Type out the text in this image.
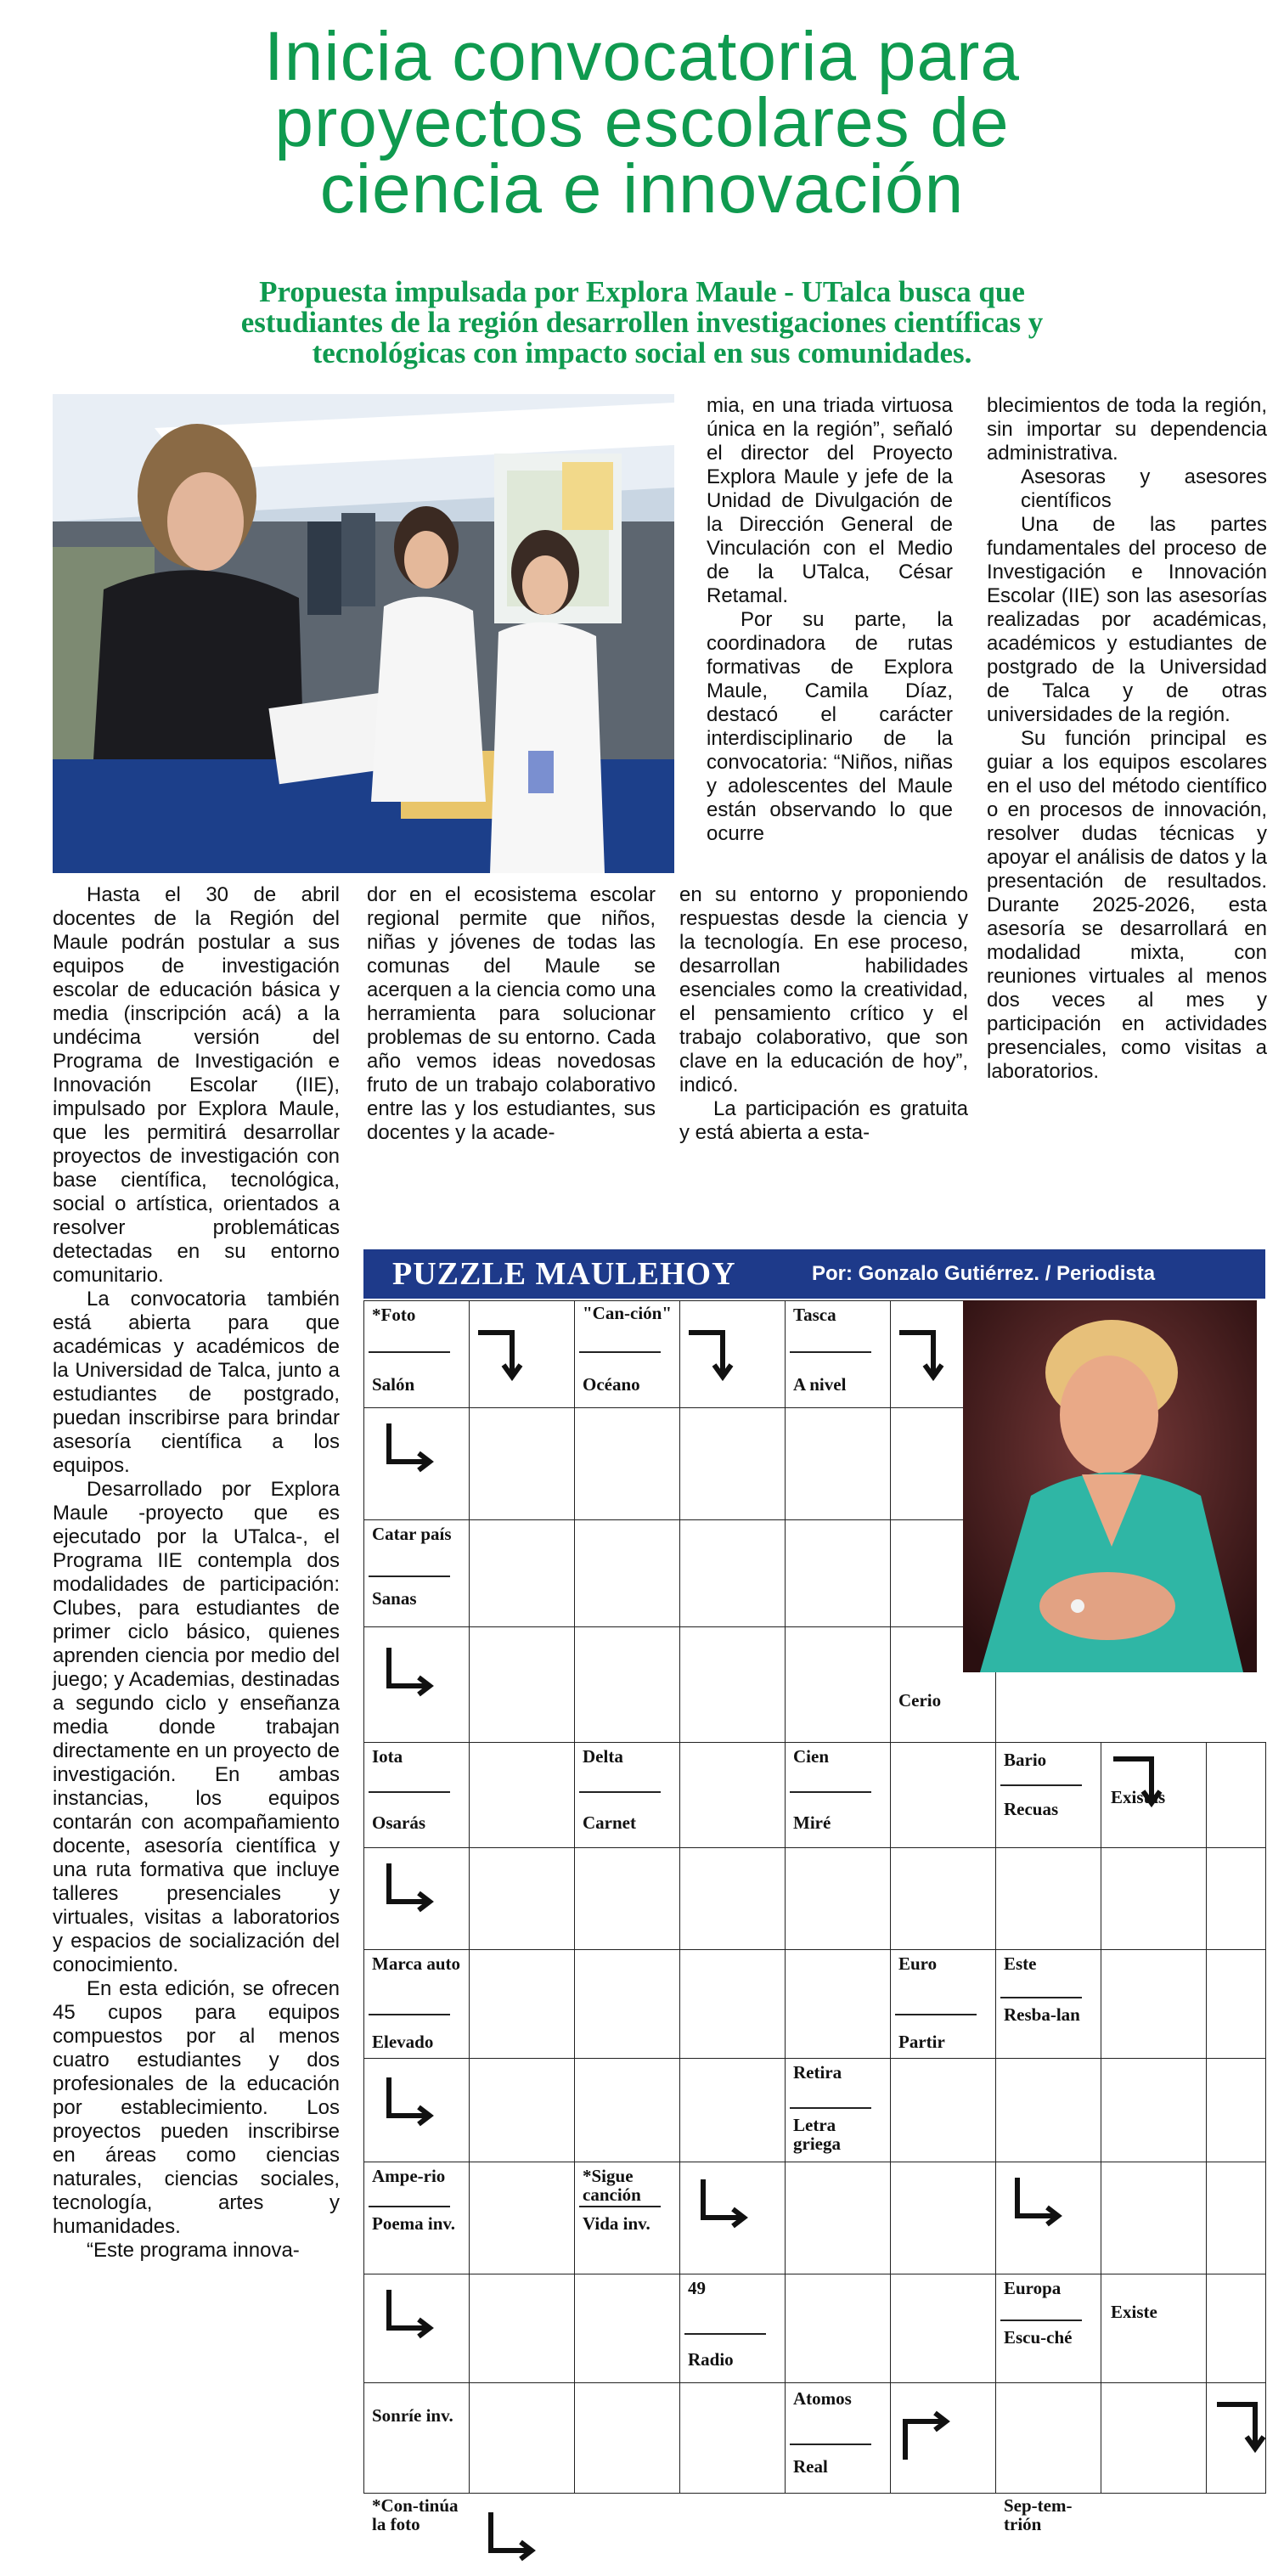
Inicia convocatoria para
proyectos escolares de
ciencia e innovación
Propuesta impulsada por Explora Maule - UTalca busca que
estudiantes de la región desarrollen investigaciones científicas y
tecnológicas con impacto social en sus comunidades.

Hasta el 30 de abril docentes de la Región del Maule podrán postular a sus equipos de investigación escolar de educación básica y media (inscripción acá) a la undécima versión del Programa de Investigación e Innovación Escolar (IIE), impulsado por Explora Maule, que les permitirá desarrollar proyectos de investigación con base científica, tecnológica, social o artística, orientados a resolver problemáticas detectadas en su entorno comunitario.

La convocatoria también está abierta para que académicas y académicos de la Universidad de Talca, junto a estudiantes de postgrado, puedan inscribirse para brindar asesoría científica a los equipos.

Desarrollado por Explora Maule -proyecto que es ejecutado por la UTalca-, el Programa IIE contempla dos modalidades de participación: Clubes, para estudiantes de primer ciclo básico, quienes aprenden ciencia por medio del juego; y Academias, destinadas a segundo ciclo y enseñanza media donde trabajan directamente en un proyecto de investigación. En ambas instancias, los equipos contarán con acompañamiento docente, asesoría científica y una ruta formativa que incluye talleres presenciales y virtuales, visitas a laboratorios y espacios de socialización del conocimiento.

En esta edición, se ofrecen 45 cupos para equipos compuestos por al menos cuatro estudiantes y dos profesionales de la educación por establecimiento. Los proyectos pueden inscribirse en áreas como ciencias naturales, ciencias sociales, tecnología, artes y humanidades.

“Este programa innova-

dor en el ecosistema escolar regional permite que niños, niñas y jóvenes de todas las comunas del Maule se acerquen a la ciencia como una herramienta para solucionar problemas de su entorno. Cada año vemos ideas novedosas fruto de un trabajo colaborativo entre las y los estudiantes, sus docentes y la acade-

mia, en una triada virtuosa única en la región”, señaló el director del Proyecto Explora Maule y jefe de la Unidad de Divulgación de la Dirección General de Vinculación con el Medio de la UTalca, César Retamal.

Por su parte, la coordinadora de rutas formativas de Explora Maule, Camila Díaz, destacó el carácter interdisciplinario de la convocatoria: “Niños, niñas y adolescentes del Maule están observando lo que ocurre

en su entorno y proponiendo respuestas desde la ciencia y la tecnología. En ese proceso, desarrollan habilidades esenciales como la creatividad, el pensamiento crítico y el trabajo colaborativo, que son clave en la educación de hoy”, indicó.

La participación es gratuita y está abierta a esta-

blecimientos de toda la región, sin importar su dependencia administrativa.

Asesoras y asesores científicos

Una de las partes fundamentales del proceso de Investigación e Innovación Escolar (IIE) son las asesorías realizadas por académicas, académicos y estudiantes de postgrado de la Universidad de Talca y de otras universidades de la región.

Su función principal es guiar a los equipos escolares en el uso del método científico o en procesos de innovación, resolver dudas técnicas y apoyar el análisis de datos y la presentación de resultados. Durante 2025-2026, esta asesoría se desarrollará en modalidad mixta, con reuniones virtuales al menos dos veces al mes y participación en actividades presenciales, como visitas a laboratorios.

PUZZLE MAULEHOY	Por: Gonzalo Gutiérrez. / Periodista
*Foto
Salón
"Can-ción"
Océano
Tasca
A nivel
Catar país
Sanas
Cerio
Iota
Osarás
Delta
Carnet
Cien
Miré
Bario
Recuas
Existas
Marca auto
Elevado
Euro
Partir
Este
Resba-lan
Retira
Letra griega
Ampe-rio
Poema inv.
*Sigue canción
Vida inv.
49
Radio
Europa
Escu-ché
Existe
Sonríe inv.
Atomos
Real
*Con-tinúa la foto
Sep-tem-trión
